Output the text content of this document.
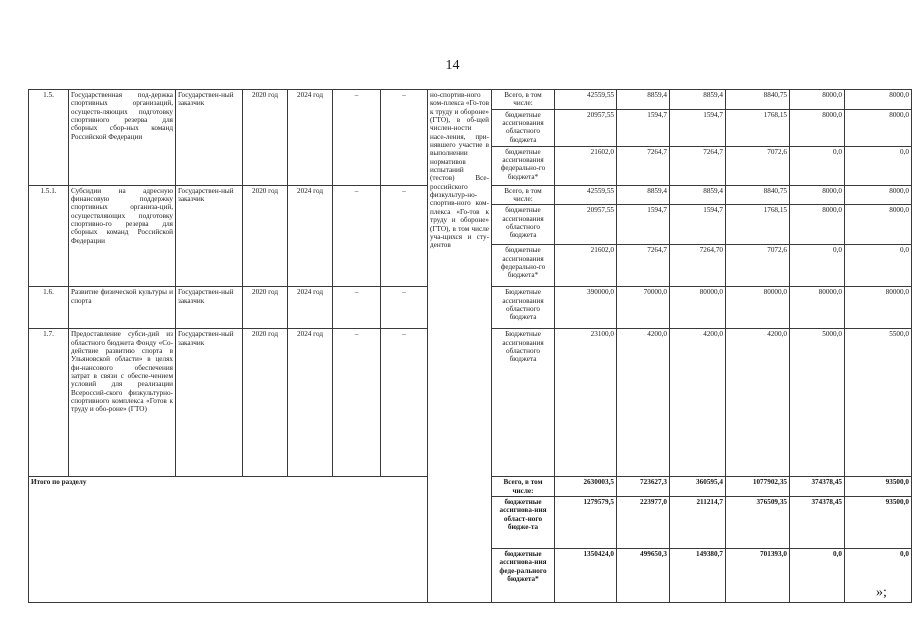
14
1.5.	Государственная под-держка спортивных организаций, осуществ-ляющих подготовку спортивного резерва для сборных сбор-ных команд Российской Федерации	Государствен-ный заказчик	2020 год	2024 год	–	–	но-спортив-ного ком-плекса «Го-тов к труду и обороне» (ГТО), в об-щей числен-ности насе-ления, при-нявшего участие в выполнении нормативов испытаний (тестов) Все-российского физкультур-но-спортив-ного ком-плекса «Го-тов к труду и обороне» (ГТО), в том числе уча-щихся и сту-дентов	Всего, в том числе:	42559,55	8859,4	8859,4	8840,75	8000,0	8000,0
								бюджетные ассигнования областного бюджета	20957,55	1594,7	1594,7	1768,15	8000,0	8000,0
								бюджетные ассигнования федерально-го бюджета*	21602,0	7264,7	7264,7	7072,6	0,0	0,0
1.5.1.	Субсидии на адресную финансовую поддержку спортивных организа-ций, осуществляющих подготовку спортивно-го резерва для сборных команд Российской Федерации	Государствен-ный заказчик	2020 год	2024 год	–	–		Всего, в том числе:	42559,55	8859,4	8859,4	8840,75	8000,0	8000,0
								бюджетные ассигнования областного бюджета	20957,55	1594,7	1594,7	1768,15	8000,0	8000,0
								бюджетные ассигнования федерально-го бюджета*	21602,0	7264,7	7264,70	7072,6	0,0	0,0
1.6.	Развитие физической культуры и спорта	Государствен-ный заказчик	2020 год	2024 год	–	–		Бюджетные ассигнования областного бюджета	390000,0	70000,0	80000,0	80000,0	80000,0	80000,0
1.7.	Предоставление субси-дий из областного бюджета Фонду «Со-действие развитию спорта в Ульяновской области» в целях фи-нансового обеспечения затрат в связи с обеспе-чением условий для реализации Всероссий-ского физкультурно-спортивного комплекса «Готов к труду и обо-роне» (ГТО)	Государствен-ный заказчик	2020 год	2024 год	–	–		Бюджетные ассигнования областного бюджета	23100,0	4200,0	4200,0	4200,0	5000,0	5500,0
Итого по разделу								Всего, в том числе:	2630003,5	723627,3	360595,4	1077902,35	374378,45	93500,0
								бюджетные ассигнова-ния област-ного бюдже-та	1279579,5	223977,0	211214,7	376509,35	374378,45	93500,0
								бюджетные ассигнова-ния феде-рального бюджета*	1350424,0	499650,3	149380,7	701393,0	0,0	0,0
»;
